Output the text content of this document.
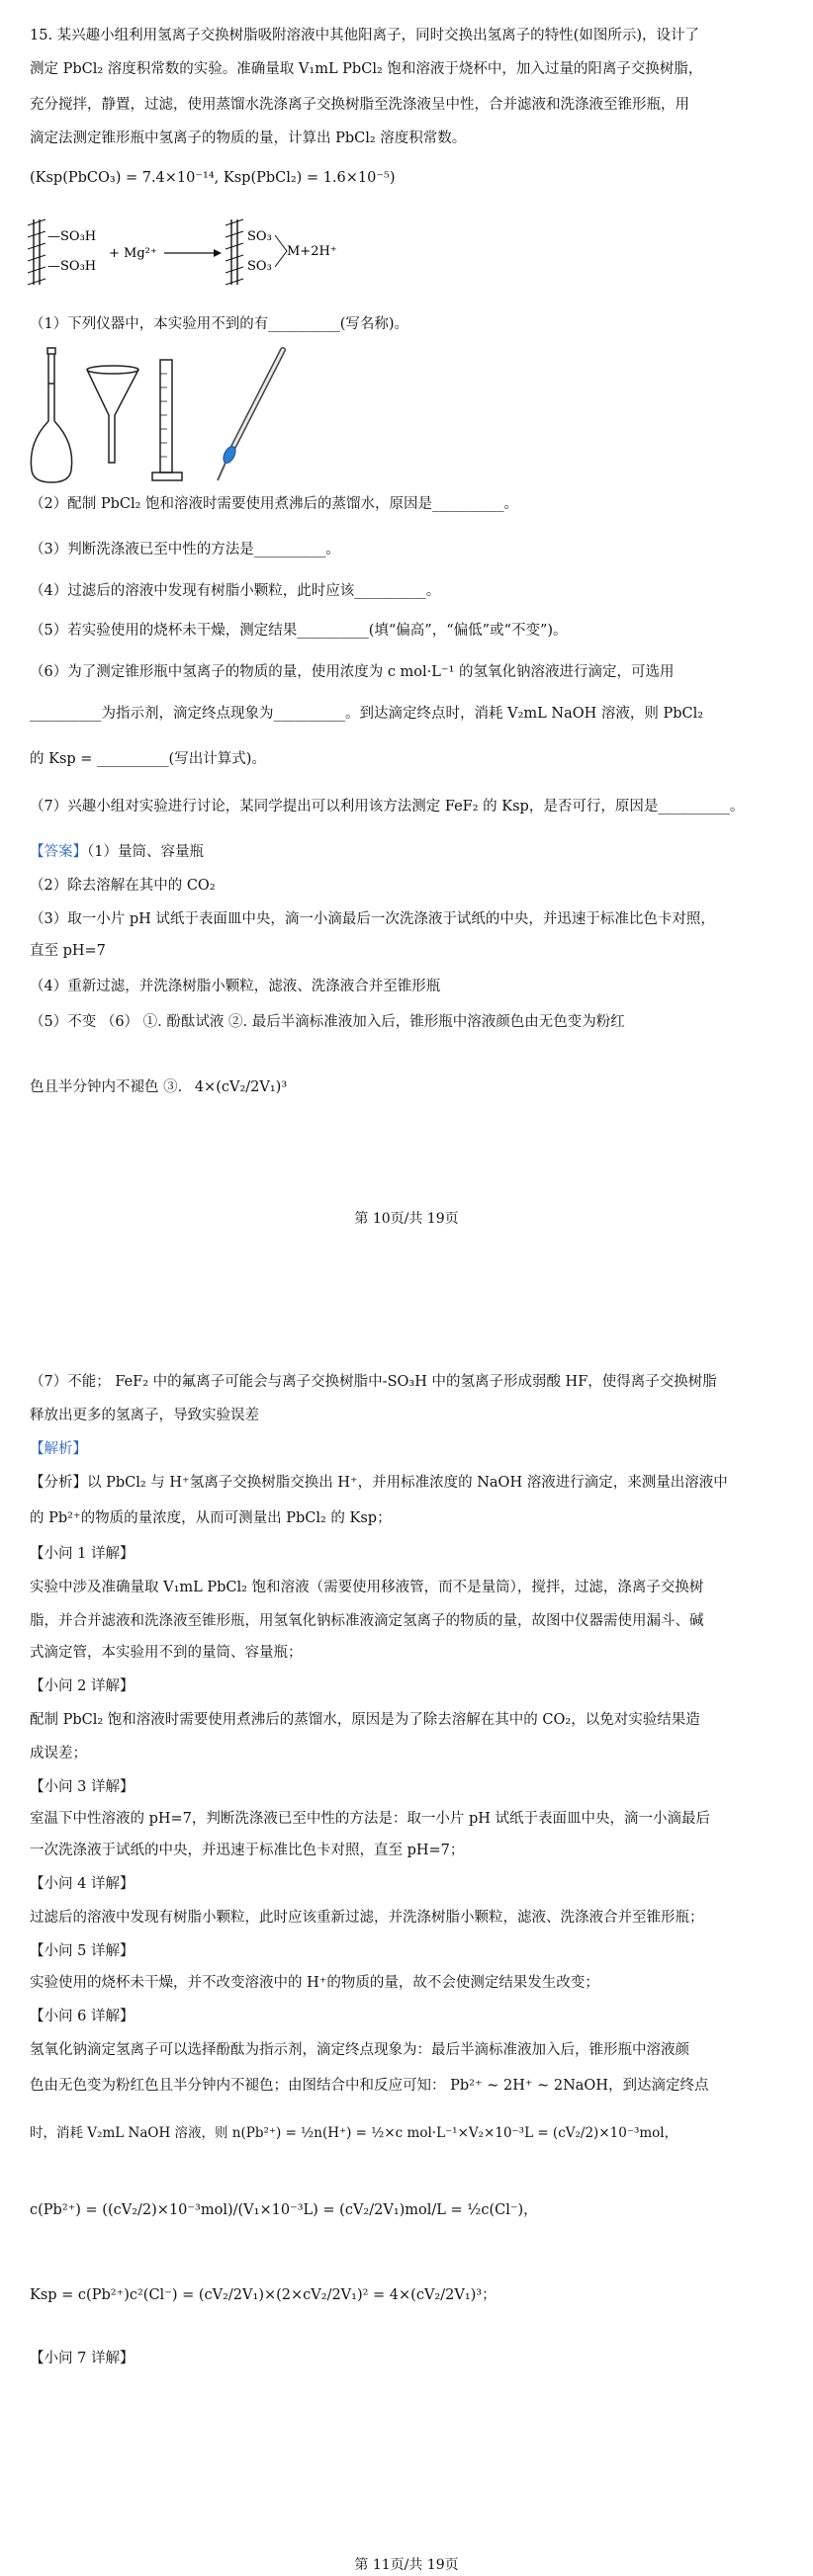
15. 某兴趣小组利用氢离子交换树脂吸附溶液中其他阳离子，同时交换出氢离子的特性(如图所示)，设计了
测定 PbCl₂ 溶度积常数的实验。准确量取 V₁mL PbCl₂ 饱和溶液于烧杯中，加入过量的阳离子交换树脂，
充分搅拌，静置，过滤，使用蒸馏水洗涤离子交换树脂至洗涤液呈中性，合并滤液和洗涤液至锥形瓶，用
滴定法测定锥形瓶中氢离子的物质的量，计算出 PbCl₂ 溶度积常数。
(Ksp(PbCO₃) = 7.4×10⁻¹⁴, Ksp(PbCl₂) = 1.6×10⁻⁵)
—SO₃H
—SO₃H
+ Mg²⁺
SO₃
SO₃
M+2H⁺
（1）下列仪器中，本实验用不到的有__________(写名称)。
（2）配制 PbCl₂ 饱和溶液时需要使用煮沸后的蒸馏水，原因是__________。
（3）判断洗涤液已至中性的方法是__________。
（4）过滤后的溶液中发现有树脂小颗粒，此时应该__________。
（5）若实验使用的烧杯未干燥，测定结果__________(填“偏高”，“偏低”或“不变”)。
（6）为了测定锥形瓶中氢离子的物质的量，使用浓度为 c mol·L⁻¹ 的氢氧化钠溶液进行滴定，可选用
__________为指示剂，滴定终点现象为__________。到达滴定终点时，消耗 V₂mL NaOH 溶液，则 PbCl₂
的 Ksp = __________(写出计算式)。
（7）兴趣小组对实验进行讨论，某同学提出可以利用该方法测定 FeF₂ 的 Ksp，是否可行，原因是__________。
【答案】（1）量筒、容量瓶
（2）除去溶解在其中的 CO₂
（3）取一小片 pH 试纸于表面皿中央，滴一小滴最后一次洗涤液于试纸的中央，并迅速于标准比色卡对照，
直至 pH=7
（4）重新过滤，并洗涤树脂小颗粒，滤液、洗涤液合并至锥形瓶
（5）不变 （6） ①. 酚酞试液 ②. 最后半滴标准液加入后，锥形瓶中溶液颜色由无色变为粉红
色且半分钟内不褪色 ③. 4×(cV₂/2V₁)³
第 10页/共 19页
（7）不能； FeF₂ 中的氟离子可能会与离子交换树脂中-SO₃H 中的氢离子形成弱酸 HF，使得离子交换树脂
释放出更多的氢离子，导致实验误差
【解析】
【分析】以 PbCl₂ 与 H⁺氢离子交换树脂交换出 H⁺，并用标准浓度的 NaOH 溶液进行滴定，来测量出溶液中
的 Pb²⁺的物质的量浓度，从而可测量出 PbCl₂ 的 Ksp；
【小问 1 详解】
实验中涉及准确量取 V₁mL PbCl₂ 饱和溶液（需要使用移液管，而不是量筒），搅拌，过滤，涤离子交换树
脂，并合并滤液和洗涤液至锥形瓶，用氢氧化钠标准液滴定氢离子的物质的量，故图中仪器需使用漏斗、碱
式滴定管，本实验用不到的量筒、容量瓶；
【小问 2 详解】
配制 PbCl₂ 饱和溶液时需要使用煮沸后的蒸馏水，原因是为了除去溶解在其中的 CO₂，以免对实验结果造
成误差；
【小问 3 详解】
室温下中性溶液的 pH=7，判断洗涤液已至中性的方法是：取一小片 pH 试纸于表面皿中央，滴一小滴最后
一次洗涤液于试纸的中央，并迅速于标准比色卡对照，直至 pH=7；
【小问 4 详解】
过滤后的溶液中发现有树脂小颗粒，此时应该重新过滤，并洗涤树脂小颗粒，滤液、洗涤液合并至锥形瓶；
【小问 5 详解】
实验使用的烧杯未干燥，并不改变溶液中的 H⁺的物质的量，故不会使测定结果发生改变；
【小问 6 详解】
氢氧化钠滴定氢离子可以选择酚酞为指示剂，滴定终点现象为：最后半滴标准液加入后，锥形瓶中溶液颜
色由无色变为粉红色且半分钟内不褪色；由图结合中和反应可知： Pb²⁺ ~ 2H⁺ ~ 2NaOH，到达滴定终点
时，消耗 V₂mL NaOH 溶液，则 n(Pb²⁺) = ½n(H⁺) = ½×c mol·L⁻¹×V₂×10⁻³L = (cV₂/2)×10⁻³mol，
c(Pb²⁺) = ((cV₂/2)×10⁻³mol)/(V₁×10⁻³L) = (cV₂/2V₁)mol/L = ½c(Cl⁻)，
Ksp = c(Pb²⁺)c²(Cl⁻) = (cV₂/2V₁)×(2×cV₂/2V₁)² = 4×(cV₂/2V₁)³；
【小问 7 详解】
第 11页/共 19页
